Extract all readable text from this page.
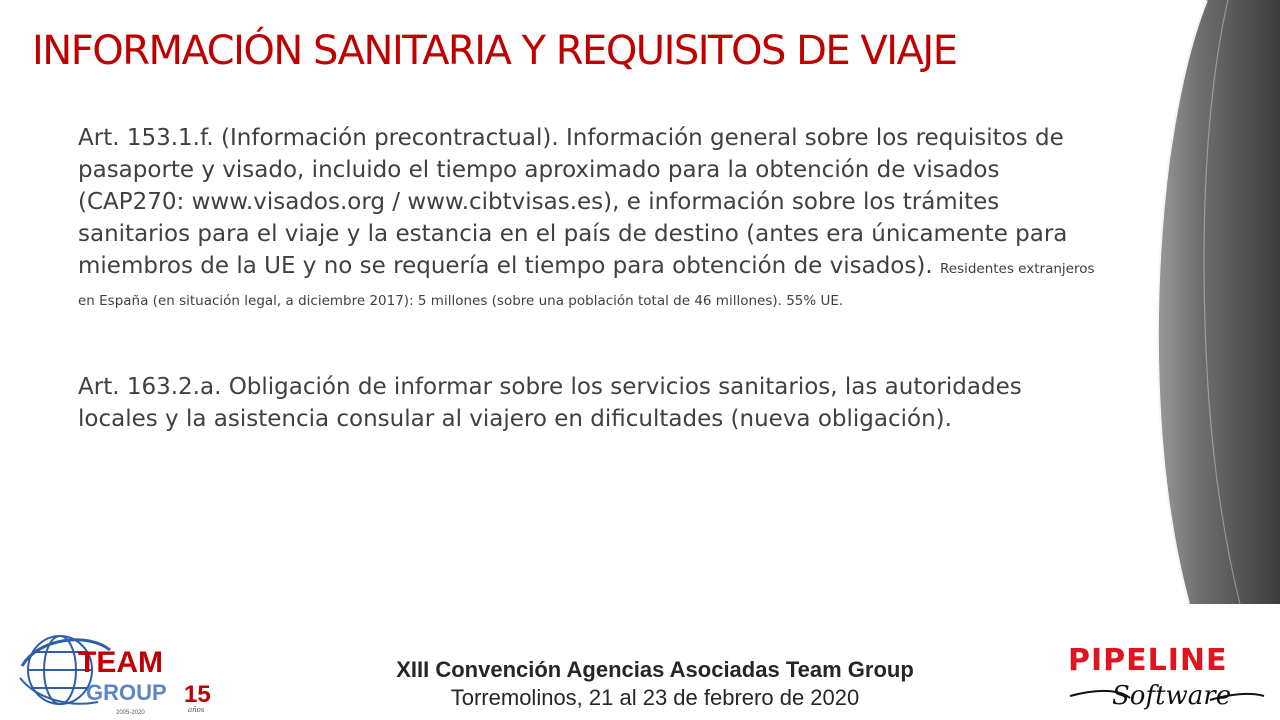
INFORMACIÓN SANITARIA Y REQUISITOS DE VIAJE

Art. 153.1.f. (Información precontractual). Información general sobre los requisitos de pasaporte y visado, incluido el tiempo aproximado para la obtención de visados (CAP270: www.visados.org / www.cibtvisas.es), e información sobre los trámites sanitarios para el viaje y la estancia en el país de destino (antes era únicamente para miembros de la UE y no se requería el tiempo para obtención de visados). Residentes extranjeros en España (en situación legal, a diciembre 2017): 5 millones (sobre una población total de 46 millones). 55% UE.

Art. 163.2.a. Obligación de informar sobre los servicios sanitarios, las autoridades locales y la asistencia consular al viajero en dificultades (nueva obligación).

TEAM
GROUP 15
2005-2020	años
PIPELINE
Software
XIII Convención Agencias Asociadas Team Group
Torremolinos, 21 al 23 de febrero de 2020
